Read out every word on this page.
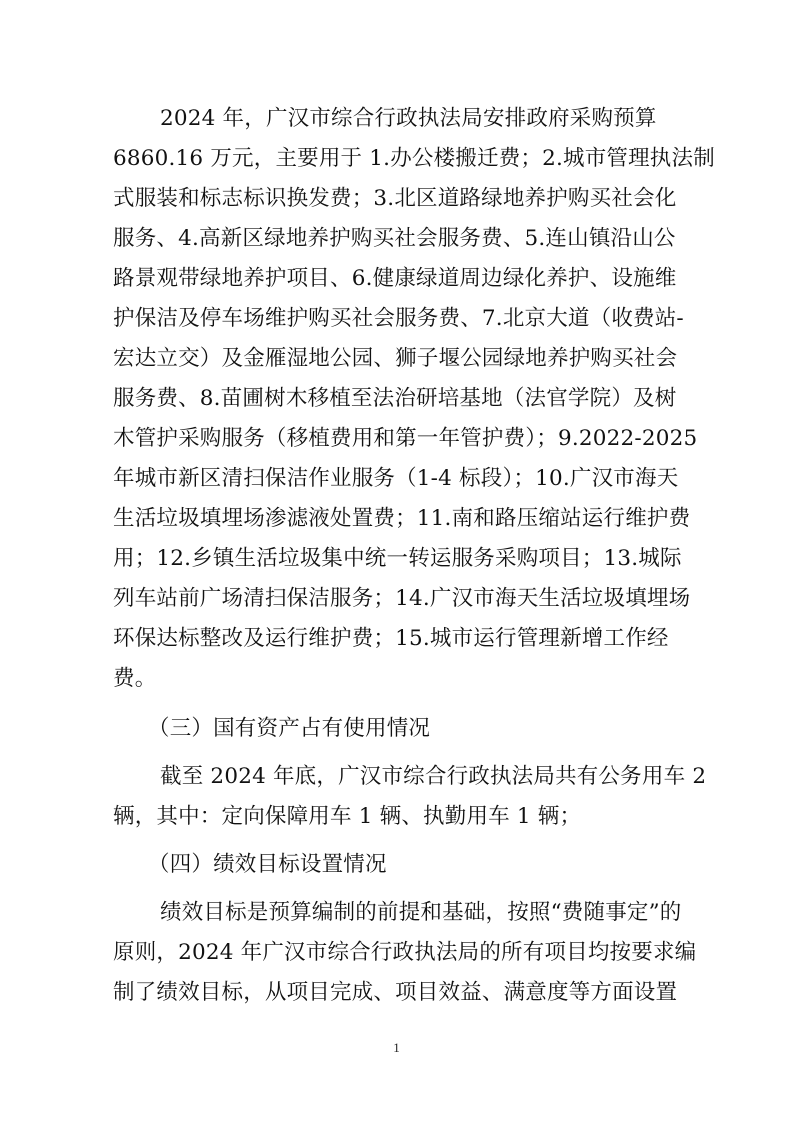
2024 年，广汉市综合行政执法局安排政府采购预算
6860.16 万元，主要用于 1.办公楼搬迁费；2.城市管理执法制
式服装和标志标识换发费；3.北区道路绿地养护购买社会化
服务、4.高新区绿地养护购买社会服务费、5.连山镇沿山公
路景观带绿地养护项目、6.健康绿道周边绿化养护、设施维
护保洁及停车场维护购买社会服务费、7.北京大道（收费站-
宏达立交）及金雁湿地公园、狮子堰公园绿地养护购买社会
服务费、8.苗圃树木移植至法治研培基地（法官学院）及树
木管护采购服务（移植费用和第一年管护费）；9.2022-2025
年城市新区清扫保洁作业服务（1-4 标段）；10.广汉市海天
生活垃圾填埋场渗滤液处置费；11.南和路压缩站运行维护费
用；12.乡镇生活垃圾集中统一转运服务采购项目；13.城际
列车站前广场清扫保洁服务；14.广汉市海天生活垃圾填埋场
环保达标整改及运行维护费；15.城市运行管理新增工作经
费。
（三）国有资产占有使用情况
截至 2024 年底，广汉市综合行政执法局共有公务用车 2
辆，其中：定向保障用车 1 辆、执勤用车 1 辆；
（四）绩效目标设置情况
绩效目标是预算编制的前提和基础，按照“费随事定”的
原则，2024 年广汉市综合行政执法局的所有项目均按要求编
制了绩效目标，从项目完成、项目效益、满意度等方面设置
1
